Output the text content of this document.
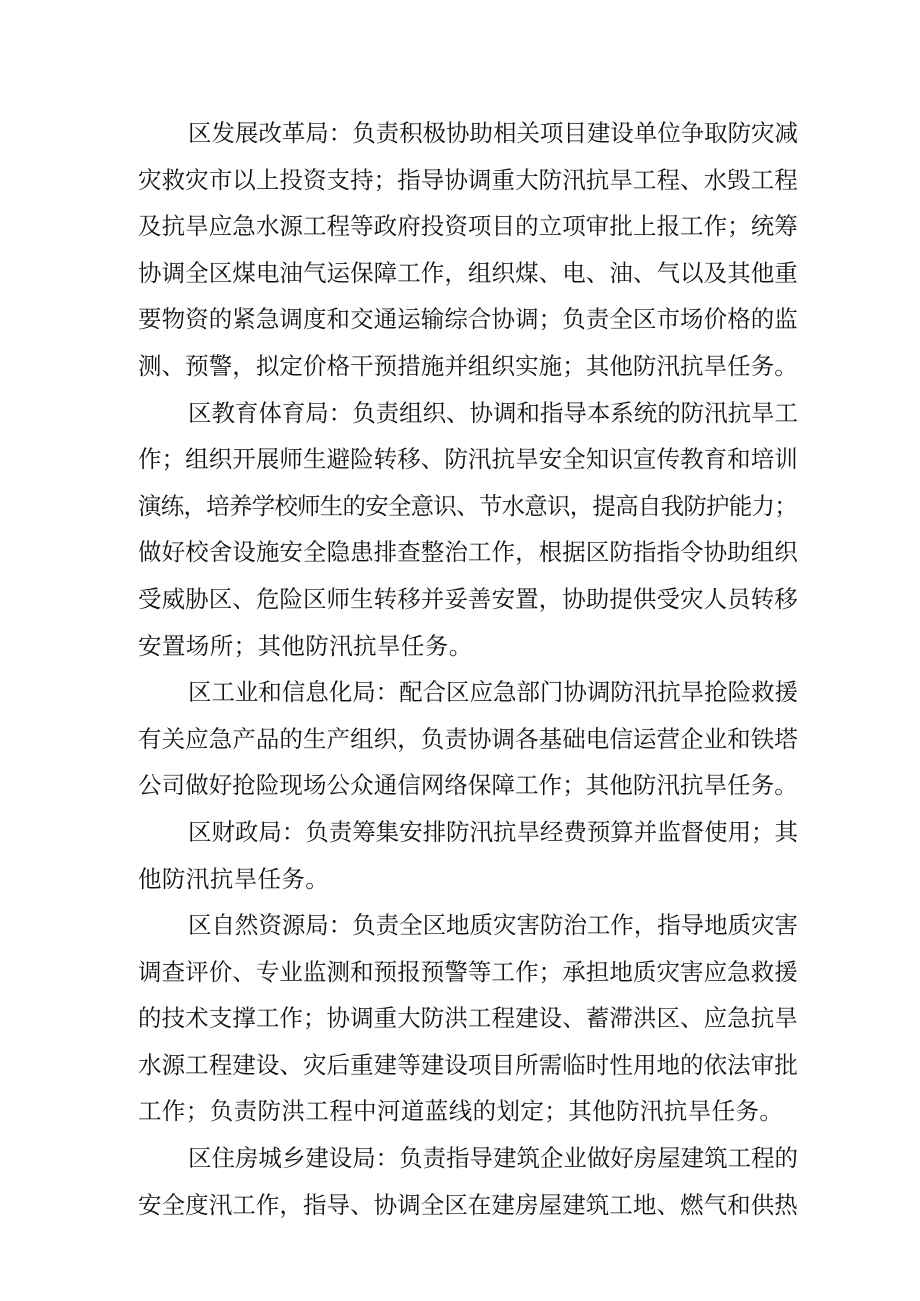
区发展改革局：负责积极协助相关项目建设单位争取防灾减
灾救灾市以上投资支持；指导协调重大防汛抗旱工程、水毁工程
及抗旱应急水源工程等政府投资项目的立项审批上报工作；统筹
协调全区煤电油气运保障工作，组织煤、电、油、气以及其他重
要物资的紧急调度和交通运输综合协调；负责全区市场价格的监
测、预警，拟定价格干预措施并组织实施；其他防汛抗旱任务。
区教育体育局：负责组织、协调和指导本系统的防汛抗旱工
作；组织开展师生避险转移、防汛抗旱安全知识宣传教育和培训
演练，培养学校师生的安全意识、节水意识，提高自我防护能力；
做好校舍设施安全隐患排查整治工作，根据区防指指令协助组织
受威胁区、危险区师生转移并妥善安置，协助提供受灾人员转移
安置场所；其他防汛抗旱任务。
区工业和信息化局：配合区应急部门协调防汛抗旱抢险救援
有关应急产品的生产组织，负责协调各基础电信运营企业和铁塔
公司做好抢险现场公众通信网络保障工作；其他防汛抗旱任务。
区财政局：负责筹集安排防汛抗旱经费预算并监督使用；其
他防汛抗旱任务。
区自然资源局：负责全区地质灾害防治工作，指导地质灾害
调查评价、专业监测和预报预警等工作；承担地质灾害应急救援
的技术支撑工作；协调重大防洪工程建设、蓄滞洪区、应急抗旱
水源工程建设、灾后重建等建设项目所需临时性用地的依法审批
工作；负责防洪工程中河道蓝线的划定；其他防汛抗旱任务。
区住房城乡建设局：负责指导建筑企业做好房屋建筑工程的
安全度汛工作，指导、协调全区在建房屋建筑工地、燃气和供热
